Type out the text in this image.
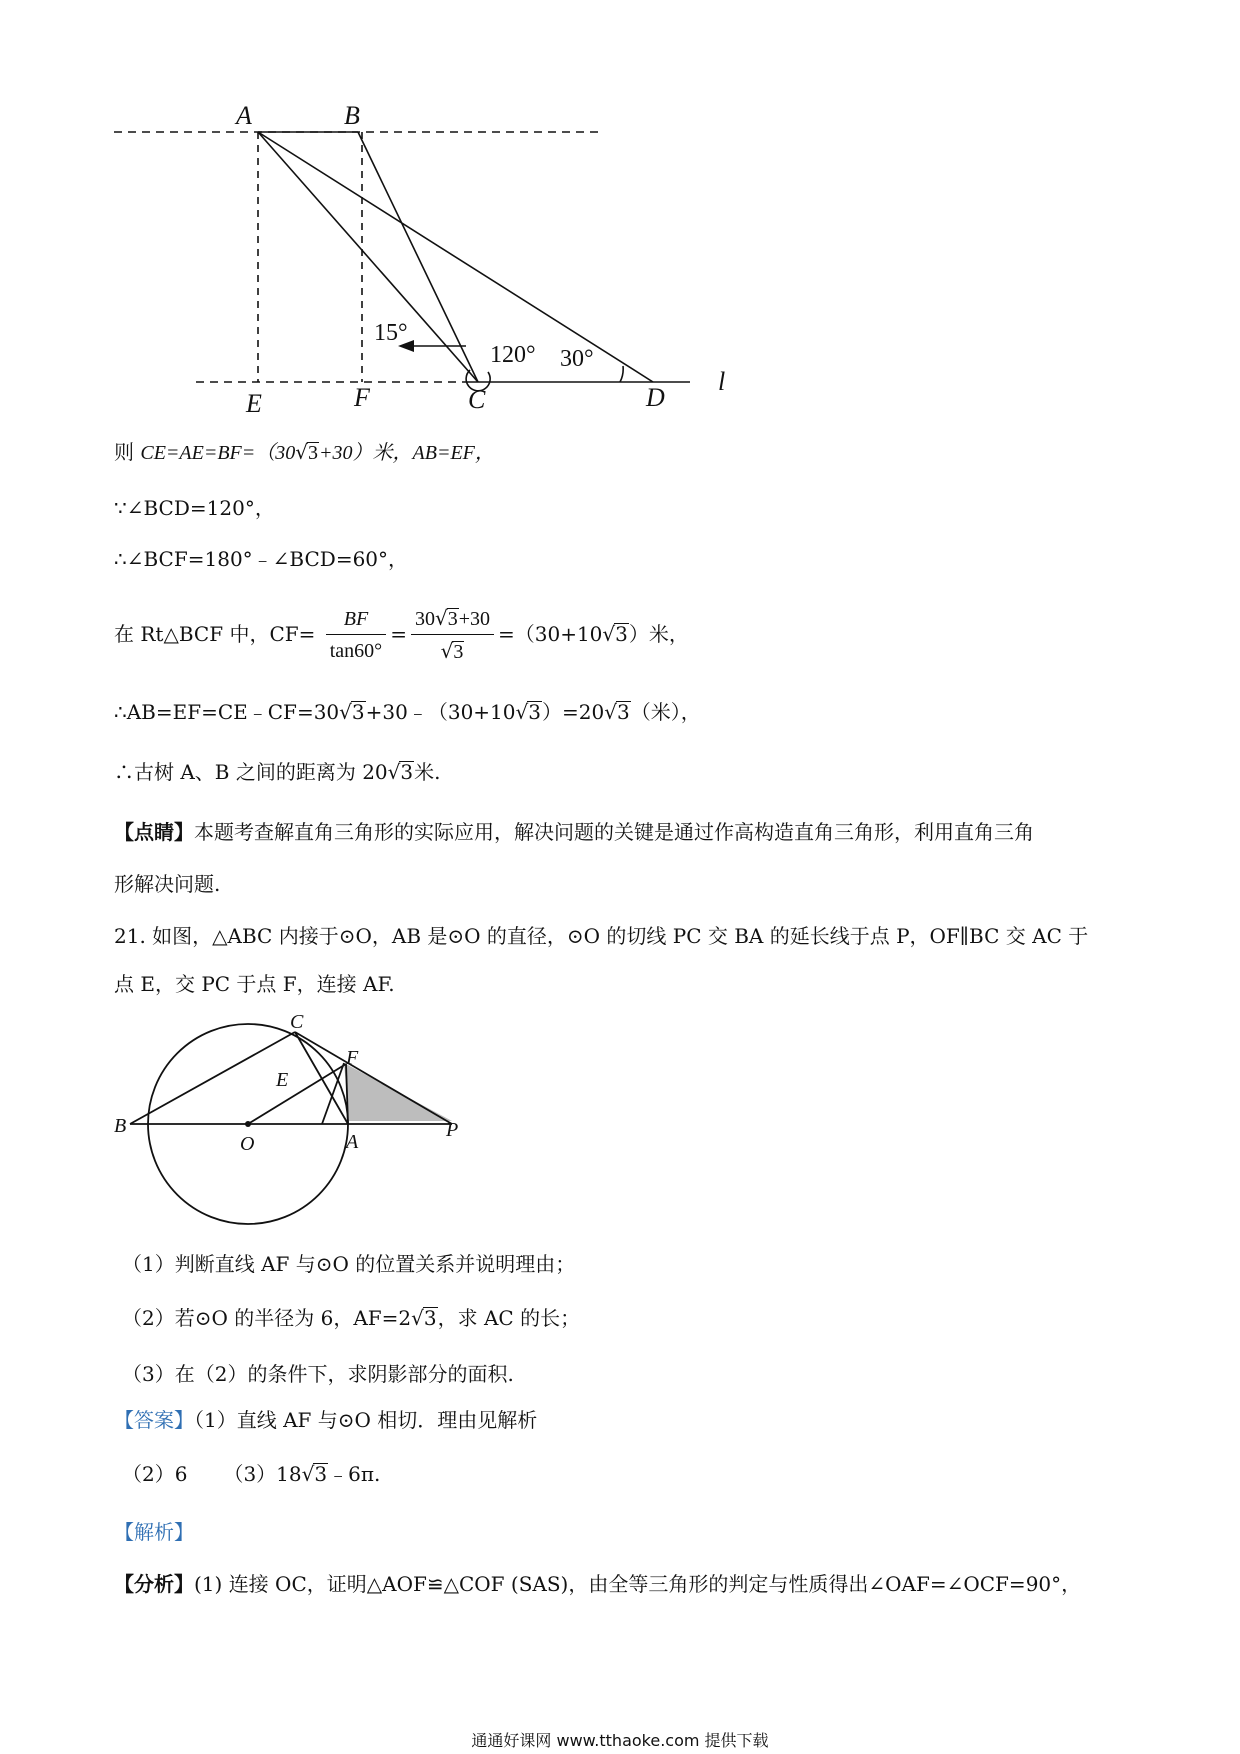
A	B
E	F	C	D
l
15°
120° 30°
则 CE=AE=BF=（30√3+30）米，AB=EF，
∵∠BCD=120°，
∴∠BCF=180°﹣∠BCD=60°，
在 Rt△BCF 中，$CF= \frac{BF}{\tan 60^\circ} = \frac{30√3+30}{√3} =(30+10√3)$米，
∴AB=EF=CE﹣CF=30√3+30﹣（30+10√3）=20√3（米），
∴古树 A、B 之间的距离为 20√3米.
【点睛】本题考查解直角三角形的实际应用，解决问题的关键是通过作高构造直角三角形，利用直角三角
形解决问题.
21. 如图，△ABC 内接于⊙O，AB 是⊙O 的直径，⊙O 的切线 PC 交 BA 的延长线于点 P，OF∥BC 交 AC 于
点 E，交 PC 于点 F，连接 AF.
C
F
E
B
O	A
P
（1）判断直线 AF 与⊙O 的位置关系并说明理由；
（2）若⊙O 的半径为 6，AF=2√3，求 AC 的长；
（3）在（2）的条件下，求阴影部分的面积.
【答案】（1）直线 AF 与⊙O 相切．理由见解析
（2）6 （3）18√3﹣6π.
【解析】
【分析】(1) 连接 OC，证明△AOF≌△COF (SAS)，由全等三角形的判定与性质得出∠OAF=∠OCF=90°，
通通好课网 www.tthaoke.com 提供下载
